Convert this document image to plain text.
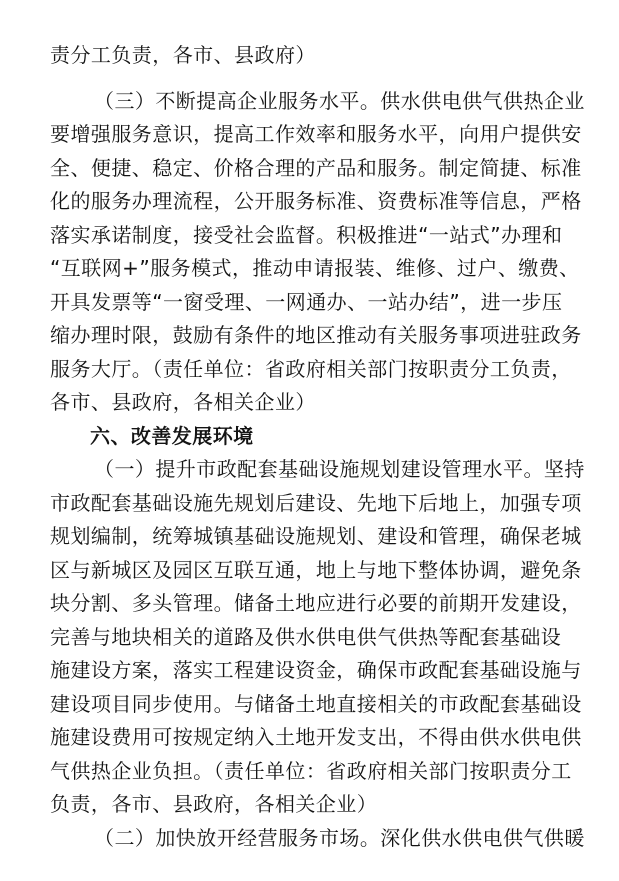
责分工负责，各市、县政府）
（三）不断提高企业服务水平。供水供电供气供热企业
要增强服务意识，提高工作效率和服务水平，向用户提供安
全、便捷、稳定、价格合理的产品和服务。制定简捷、标准
化的服务办理流程，公开服务标准、资费标准等信息，严格
落实承诺制度，接受社会监督。积极推进“一站式”办理和
“互联网+”服务模式，推动申请报装、维修、过户、缴费、
开具发票等“一窗受理、一网通办、一站办结”，进一步压
缩办理时限，鼓励有条件的地区推动有关服务事项进驻政务
服务大厅。（责任单位：省政府相关部门按职责分工负责，
各市、县政府，各相关企业）
六、改善发展环境
（一）提升市政配套基础设施规划建设管理水平。坚持
市政配套基础设施先规划后建设、先地下后地上，加强专项
规划编制，统筹城镇基础设施规划、建设和管理，确保老城
区与新城区及园区互联互通，地上与地下整体协调，避免条
块分割、多头管理。储备土地应进行必要的前期开发建设，
完善与地块相关的道路及供水供电供气供热等配套基础设
施建设方案，落实工程建设资金，确保市政配套基础设施与
建设项目同步使用。与储备土地直接相关的市政配套基础设
施建设费用可按规定纳入土地开发支出，不得由供水供电供
气供热企业负担。（责任单位：省政府相关部门按职责分工
负责，各市、县政府，各相关企业）
（二）加快放开经营服务市场。深化供水供电供气供暖
